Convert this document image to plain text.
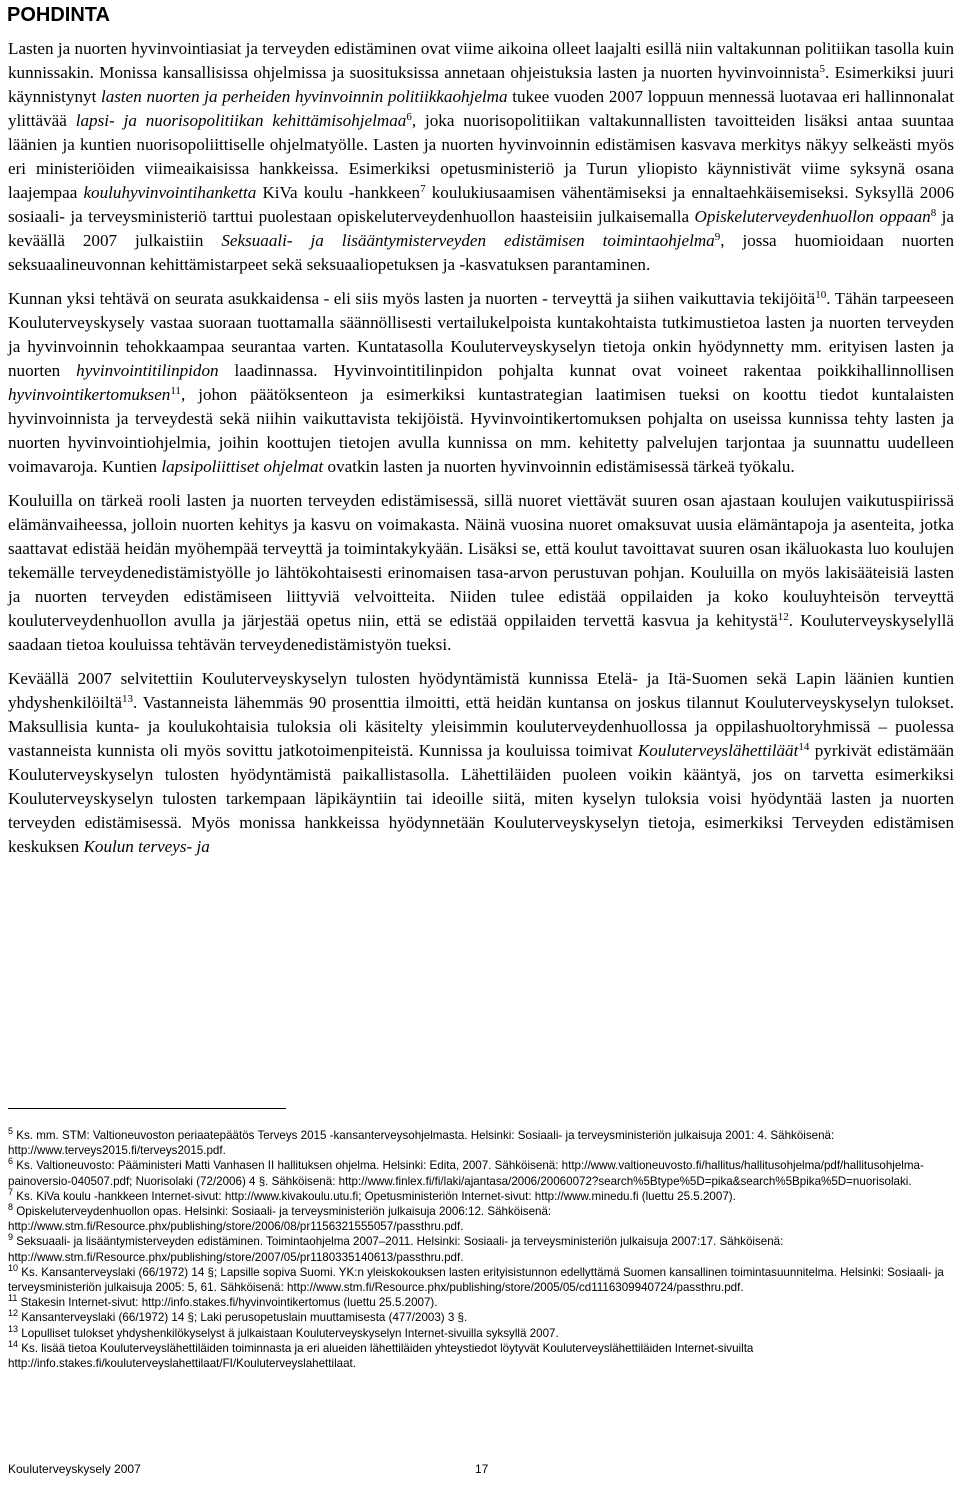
POHDINTA

Lasten ja nuorten hyvinvointiasiat ja terveyden edistäminen ovat viime aikoina olleet laajalti esillä niin valtakunnan politiikan tasolla kuin kunnissakin. Monissa kansallisissa ohjelmissa ja suosituksissa annetaan ohjeistuksia lasten ja nuorten hyvinvoinnista$^5$. Esimerkiksi juuri käynnistynyt lasten nuorten ja perheiden hyvinvoinnin politiikkaohjelma tukee vuoden 2007 loppuun mennessä luotavaa eri hallinnonalat ylittävää lapsi- ja nuorisopolitiikan kehittämisohjelmaa$^6$, joka nuorisopolitiikan valtakunnallisten tavoitteiden lisäksi antaa suuntaa läänien ja kuntien nuorisopoliittiselle ohjelmatyölle. Lasten ja nuorten hyvinvoinnin edistämisen kasvava merkitys näkyy selkeästi myös eri ministeriöiden viimeaikaisissa hankkeissa. Esimerkiksi opetusministeriö ja Turun yliopisto käynnistivät viime syksynä osana laajempaa kouluhyvinvointihanketta KiVa koulu -hankkeen$^7$ koulukiusaamisen vähentämiseksi ja ennaltaehkäisemiseksi. Syksyllä 2006 sosiaali- ja terveysministeriö tarttui puolestaan opiskeluterveydenhuollon haasteisiin julkaisemalla Opiskeluterveydenhuollon oppaan$^8$ ja keväällä 2007 julkaistiin Seksuaali- ja lisääntymisterveyden edistämisen toimintaohjelma$^9$, jossa huomioidaan nuorten seksuaalineuvonnan kehittämistarpeet sekä seksuaaliopetuksen ja -kasvatuksen parantaminen.

Kunnan yksi tehtävä on seurata asukkaidensa - eli siis myös lasten ja nuorten - terveyttä ja siihen vaikuttavia tekijöitä$^{10}$. Tähän tarpeeseen Kouluterveyskysely vastaa suoraan tuottamalla säännöllisesti vertailukelpoista kuntakohtaista tutkimustietoa lasten ja nuorten terveyden ja hyvinvoinnin tehokkaampaa seurantaa varten. Kuntatasolla Kouluterveyskyselyn tietoja onkin hyödynnetty mm. erityisen lasten ja nuorten hyvinvointitilinpidon laadinnassa. Hyvinvointitilinpidon pohjalta kunnat ovat voineet rakentaa poikkihallinnollisen hyvinvointikertomuksen$^{11}$, johon päätöksenteon ja esimerkiksi kuntastrategian laatimisen tueksi on koottu tiedot kuntalaisten hyvinvoinnista ja terveydestä sekä niihin vaikuttavista tekijöistä. Hyvinvointikertomuksen pohjalta on useissa kunnissa tehty lasten ja nuorten hyvinvointiohjelmia, joihin koottujen tietojen avulla kunnissa on mm. kehitetty palvelujen tarjontaa ja suunnattu uudelleen voimavaroja. Kuntien lapsipoliittiset ohjelmat ovatkin lasten ja nuorten hyvinvoinnin edistämisessä tärkeä työkalu.

Kouluilla on tärkeä rooli lasten ja nuorten terveyden edistämisessä, sillä nuoret viettävät suuren osan ajastaan koulujen vaikutuspiirissä elämänvaiheessa, jolloin nuorten kehitys ja kasvu on voimakasta. Näinä vuosina nuoret omaksuvat uusia elämäntapoja ja asenteita, jotka saattavat edistää heidän myöhempää terveyttä ja toimintakykyään. Lisäksi se, että koulut tavoittavat suuren osan ikäluokasta luo koulujen tekemälle terveydenedistämistyölle jo lähtökohtaisesti erinomaisen tasa-arvon perustuvan pohjan. Kouluilla on myös lakisääteisiä lasten ja nuorten terveyden edistämiseen liittyviä velvoitteita. Niiden tulee edistää oppilaiden ja koko kouluyhteisön terveyttä kouluterveydenhuollon avulla ja järjestää opetus niin, että se edistää oppilaiden tervettä kasvua ja kehitystä$^{12}$. Kouluterveyskyselyllä saadaan tietoa kouluissa tehtävän terveydenedistämistyön tueksi.

Keväällä 2007 selvitettiin Kouluterveyskyselyn tulosten hyödyntämistä kunnissa Etelä- ja Itä-Suomen sekä Lapin läänien kuntien yhdyshenkilöiltä$^{13}$. Vastanneista lähemmäs 90 prosenttia ilmoitti, että heidän kuntansa on joskus tilannut Kouluterveyskyselyn tulokset. Maksullisia kunta- ja koulukohtaisia tuloksia oli käsitelty yleisimmin kouluterveydenhuollossa ja oppilashuoltoryhmissä – puolessa vastanneista kunnista oli myös sovittu jatkotoimenpiteistä. Kunnissa ja kouluissa toimivat Kouluterveyslähettiläät$^{14}$ pyrkivät edistämään Kouluterveyskyselyn tulosten hyödyntämistä paikallistasolla. Lähettiläiden puoleen voikin kääntyä, jos on tarvetta esimerkiksi Kouluterveyskyselyn tulosten tarkempaan läpikäyntiin tai ideoille siitä, miten kyselyn tuloksia voisi hyödyntää lasten ja nuorten terveyden edistämisessä. Myös monissa hankkeissa hyödynnetään Kouluterveyskyselyn tietoja, esimerkiksi Terveyden edistämisen keskuksen Koulun terveys- ja

$^5$ Ks. mm. STM: Valtioneuvoston periaatepäätös Terveys 2015 -kansanterveysohjelmasta. Helsinki: Sosiaali- ja terveysministeriön julkaisuja 2001: 4. Sähköisenä: http://www.terveys2015.fi/terveys2015.pdf.
$^6$ Ks. Valtioneuvosto: Pääministeri Matti Vanhasen II hallituksen ohjelma. Helsinki: Edita, 2007. Sähköisenä: http://www.valtioneuvosto.fi/hallitus/hallitusohjelma/pdf/hallitusohjelma-painoversio-040507.pdf; Nuorisolaki (72/2006) 4 §. Sähköisenä: http://www.finlex.fi/fi/laki/ajantasa/2006/20060072?search%5Btype%5D=pika&search%5Bpika%5D=nuorisolaki.
$^7$ Ks. KiVa koulu -hankkeen Internet-sivut: http://www.kivakoulu.utu.fi; Opetusministeriön Internet-sivut: http://www.minedu.fi (luettu 25.5.2007).
$^8$ Opiskeluterveydenhuollon opas. Helsinki: Sosiaali- ja terveysministeriön julkaisuja 2006:12. Sähköisenä: http://www.stm.fi/Resource.phx/publishing/store/2006/08/pr1156321555057/passthru.pdf.
$^9$ Seksuaali- ja lisääntymisterveyden edistäminen. Toimintaohjelma 2007–2011. Helsinki: Sosiaali- ja terveysministeriön julkaisuja 2007:17. Sähköisenä: http://www.stm.fi/Resource.phx/publishing/store/2007/05/pr1180335140613/passthru.pdf.
$^{10}$ Ks. Kansanterveyslaki (66/1972) 14 §; Lapsille sopiva Suomi. YK:n yleiskokouksen lasten erityisistunnon edellyttämä Suomen kansallinen toimintasuunnitelma. Helsinki: Sosiaali- ja terveysministeriön julkaisuja 2005: 5, 61. Sähköisenä: http://www.stm.fi/Resource.phx/publishing/store/2005/05/cd1116309940724/passthru.pdf.
$^{11}$ Stakesin Internet-sivut: http://info.stakes.fi/hyvinvointikertomus (luettu 25.5.2007).
$^{12}$ Kansanterveyslaki (66/1972) 14 §; Laki perusopetuslain muuttamisesta (477/2003) 3 §.
$^{13}$ Lopulliset tulokset yhdyshenkilökyselyst ä julkaistaan Kouluterveyskyselyn Internet-sivuilla syksyllä 2007.
$^{14}$ Ks. lisää tietoa Kouluterveyslähettiläiden toiminnasta ja eri alueiden lähettiläiden yhteystiedot löytyvät Kouluterveyslähettiläiden Internet-sivuilta http://info.stakes.fi/kouluterveyslahettilaat/FI/Kouluterveyslahettilaat.
Kouluterveyskysely 2007	17
